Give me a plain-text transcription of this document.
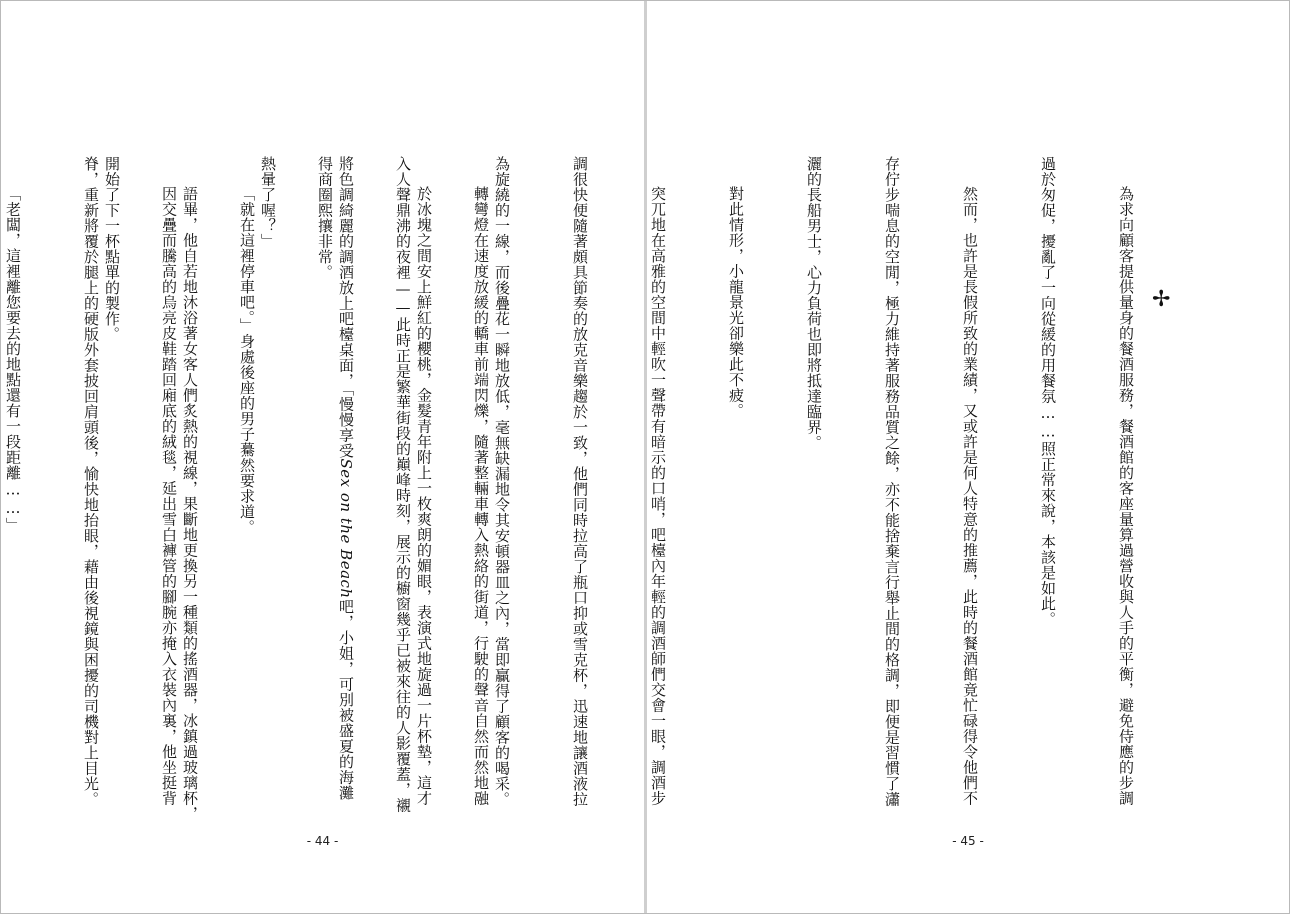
轉彎燈在速度放緩的轎車前端閃爍，隨著整輛車轉入熱絡的街道，行駛的聲音自然而然地融

入人聲鼎沸的夜裡——此時正是繁華街段的巔峰時刻，展示的櫥窗幾乎已被來往的人影覆蓋，襯

得商圈熙攘非常。

「就在這裡停車吧。」身處後座的男子驀然要求道。

因交疊而騰高的烏亮皮鞋踏回廂底的絨毯，延出雪白褲管的腳腕亦掩入衣裝內裏，他坐挺背

脊，重新將覆於腿上的硬版外套披回肩頭後，愉快地抬眼，藉由後視鏡與困擾的司機對上目光。

「老闆，這裡離您要去的地點還有一段距離……」

- 44 -
✢

為求向顧客提供量身的餐酒服務，餐酒館的客座量算過營收與人手的平衡，避免侍應的步調

過於匆促，擾亂了一向從緩的用餐氛……照正常來說，本該是如此。

然而，也許是長假所致的業績，又或許是何人特意的推薦，此時的餐酒館竟忙碌得令他們不

存佇步喘息的空閒，極力維持著服務品質之餘，亦不能捨棄言行舉止間的格調，即便是習慣了瀟

灑的長船男士，心力負荷也即將抵達臨界。

對此情形，小龍景光卻樂此不疲。

突兀地在高雅的空間中輕吹一聲帶有暗示的口哨，吧檯內年輕的調酒師們交會一眼，調酒步

調很快便隨著頗具節奏的放克音樂趨於一致，他們同時拉高了瓶口抑或雪克杯，迅速地讓酒液拉

為旋繞的一線，而後疊花一瞬地放低，毫無缺漏地令其安頓器皿之內，當即贏得了顧客的喝采。

於冰塊之間安上鮮紅的櫻桃，金髮青年附上一枚爽朗的媚眼，表演式地旋過一片杯墊，這才

將色調綺麗的調酒放上吧檯桌面，「慢慢享受Sex on the Beach吧，小姐，可別被盛夏的海灘

熱暈了喔？」

語畢，他自若地沐浴著女客人們炙熱的視線，果斷地更換另一種類的搖酒器，冰鎮過玻璃杯，

開始了下一杯點單的製作。

- 45 -
